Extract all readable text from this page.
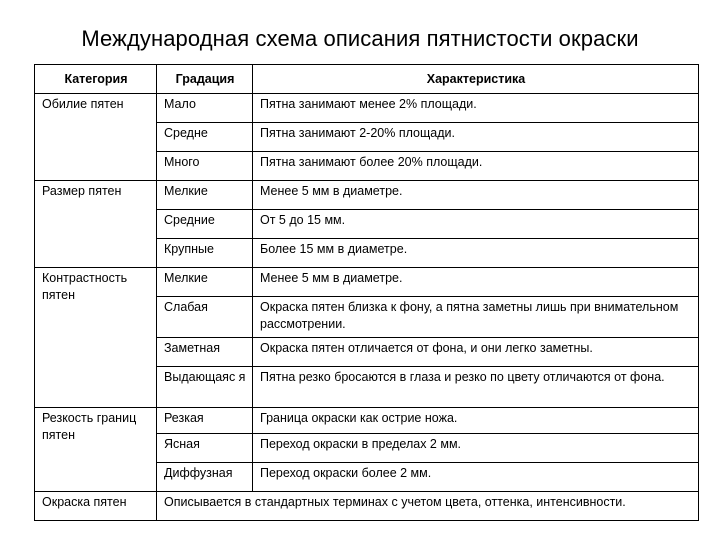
Международная схема описания пятнистости окраски
Категория	Градация	Характеристика
Обилие пятен	Мало	Пятна занимают менее 2% площади.
	Средне	Пятна занимают 2-20% площади.
	Много	Пятна занимают более 20% площади.
Размер пятен	Мелкие	Менее 5 мм в диаметре.
	Средние	От 5 до 15 мм.
	Крупные	Более 15 мм в диаметре.
Контрастность пятен	Мелкие	Менее 5 мм в диаметре.
	Слабая	Окраска пятен близка к фону, а пятна заметны лишь при внимательном рассмотрении.
	Заметная	Окраска пятен отличается от фона, и они легко заметны.
	Выдающаяс я	Пятна резко бросаются в глаза и резко по цвету отличаются от фона.
Резкость границ пятен	Резкая	Граница окраски как острие ножа.
	Ясная	Переход окраски в пределах 2 мм.
	Диффузная	Переход окраски более 2 мм.
Окраска пятен	Описывается в стандартных терминах с учетом цвета, оттенка, интенсивности.	
